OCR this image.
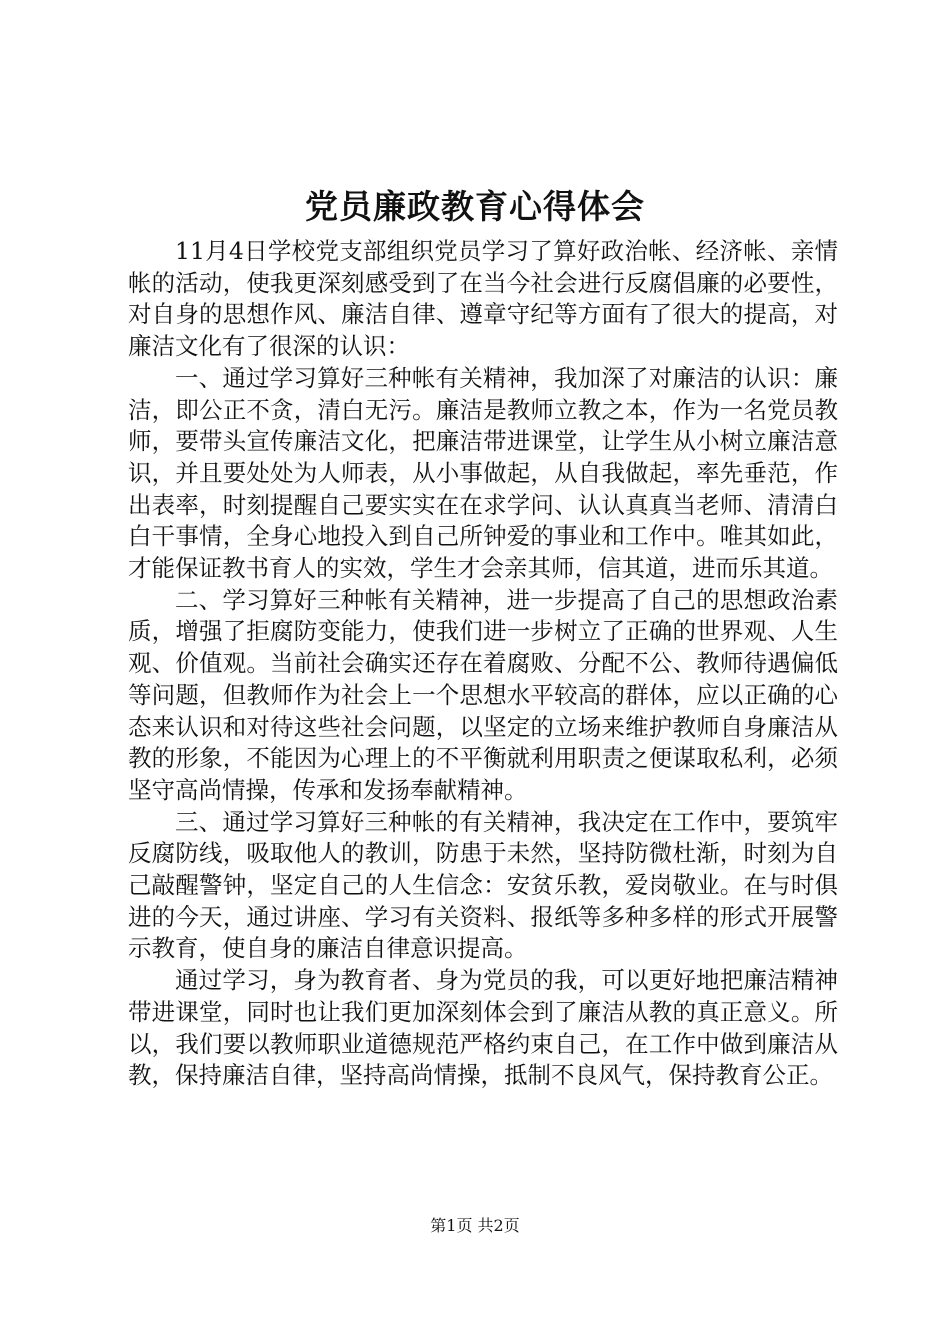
党员廉政教育心得体会

11月4日学校党支部组织党员学习了算好政治帐、经济帐、亲情帐的活动，使我更深刻感受到了在当今社会进行反腐倡廉的必要性，对自身的思想作风、廉洁自律、遵章守纪等方面有了很大的提高，对廉洁文化有了很深的认识：

一、通过学习算好三种帐有关精神，我加深了对廉洁的认识：廉洁，即公正不贪，清白无污。廉洁是教师立教之本，作为一名党员教师，要带头宣传廉洁文化，把廉洁带进课堂，让学生从小树立廉洁意识，并且要处处为人师表，从小事做起，从自我做起，率先垂范，作出表率，时刻提醒自己要实实在在求学问、认认真真当老师、清清白白干事情，全身心地投入到自己所钟爱的事业和工作中。唯其如此，才能保证教书育人的实效，学生才会亲其师，信其道，进而乐其道。

二、学习算好三种帐有关精神，进一步提高了自己的思想政治素质，增强了拒腐防变能力，使我们进一步树立了正确的世界观、人生观、价值观。当前社会确实还存在着腐败、分配不公、教师待遇偏低等问题，但教师作为社会上一个思想水平较高的群体，应以正确的心态来认识和对待这些社会问题，以坚定的立场来维护教师自身廉洁从教的形象，不能因为心理上的不平衡就利用职责之便谋取私利，必须坚守高尚情操，传承和发扬奉献精神。

三、通过学习算好三种帐的有关精神，我决定在工作中，要筑牢反腐防线，吸取他人的教训，防患于未然，坚持防微杜渐，时刻为自己敲醒警钟，坚定自己的人生信念：安贫乐教，爱岗敬业。在与时俱进的今天，通过讲座、学习有关资料、报纸等多种多样的形式开展警示教育，使自身的廉洁自律意识提高。

通过学习，身为教育者、身为党员的我，可以更好地把廉洁精神带进课堂，同时也让我们更加深刻体会到了廉洁从教的真正意义。所以，我们要以教师职业道德规范严格约束自己，在工作中做到廉洁从教，保持廉洁自律，坚持高尚情操，抵制不良风气，保持教育公正。

第1页 共2页
